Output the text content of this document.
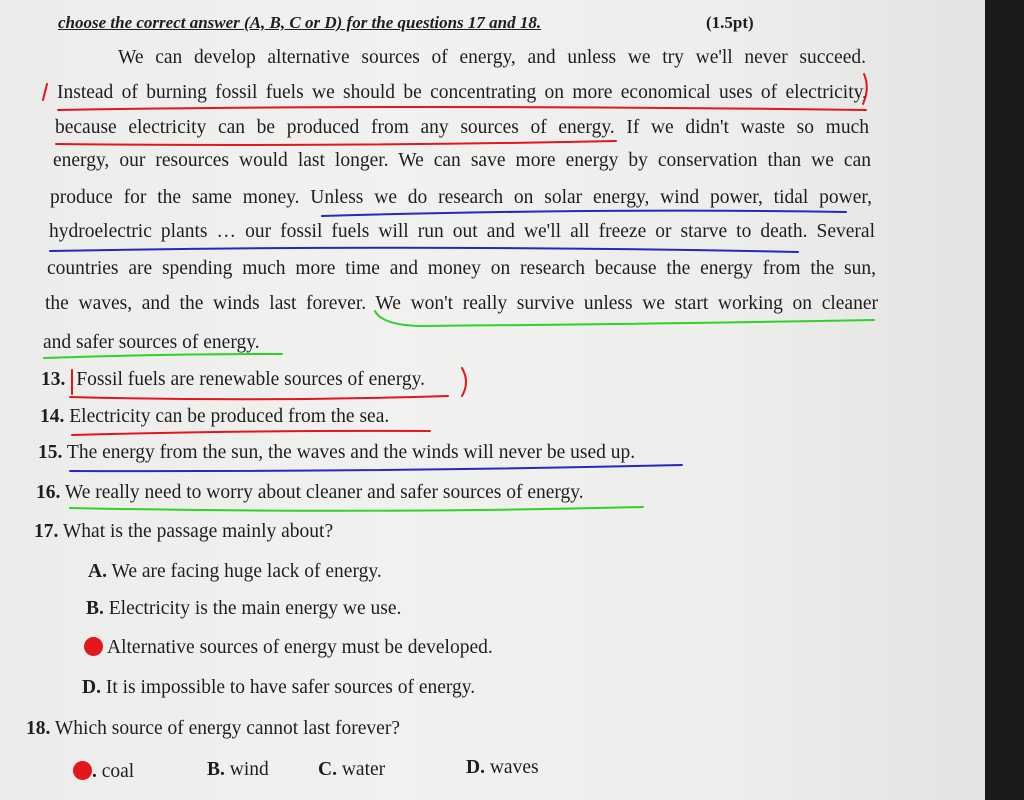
choose the correct answer (A, B, C or D) for the questions 17 and 18.	(1.5pt)
We can develop alternative sources of energy, and unless we try we'll never succeed.
Instead of burning fossil fuels we should be concentrating on more economical uses of electricity,
because electricity can be produced from any sources of energy. If we didn't waste so much
energy, our resources would last longer. We can save more energy by conservation than we can
produce for the same money. Unless we do research on solar energy, wind power, tidal power,
hydroelectric plants … our fossil fuels will run out and we'll all freeze or starve to death. Several
countries are spending much more time and money on research because the energy from the sun,
the waves, and the winds last forever. We won't really survive unless we start working on cleaner
and safer sources of energy.
13. Fossil fuels are renewable sources of energy.
14. Electricity can be produced from the sea.
15. The energy from the sun, the waves and the winds will never be used up.
16. We really need to worry about cleaner and safer sources of energy.
17. What is the passage mainly about?
A. We are facing huge lack of energy.
B. Electricity is the main energy we use.
Alternative sources of energy must be developed.
D. It is impossible to have safer sources of energy.
18. Which source of energy cannot last forever?
. coal	B. wind	C. water	D. waves
